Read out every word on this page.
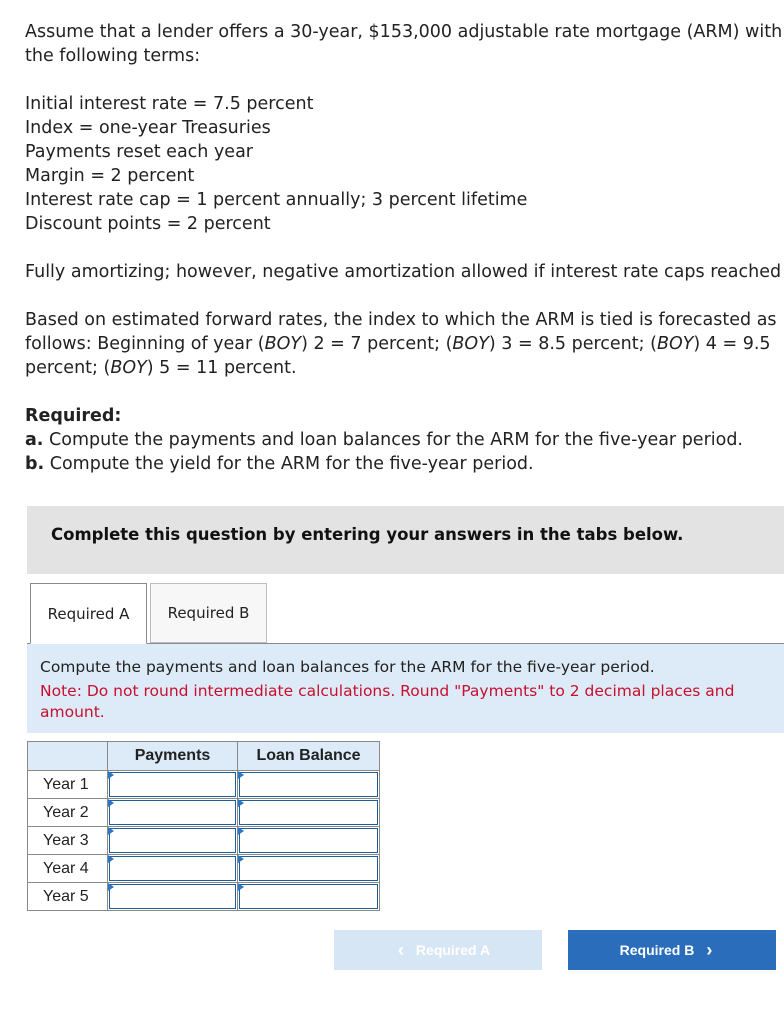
Assume that a lender offers a 30-year, $153,000 adjustable rate mortgage (ARM) with the following terms:

Initial interest rate = 7.5 percent

Index = one-year Treasuries

Payments reset each year

Margin = 2 percent

Interest rate cap = 1 percent annually; 3 percent lifetime

Discount points = 2 percent

Fully amortizing; however, negative amortization allowed if interest rate caps reached

Based on estimated forward rates, the index to which the ARM is tied is forecasted as follows: Beginning of year (BOY) 2 = 7 percent; (BOY) 3 = 8.5 percent; (BOY) 4 = 9.5 percent; (BOY) 5 = 11 percent.

Required:

a. Compute the payments and loan balances for the ARM for the five-year period.

b. Compute the yield for the ARM for the five-year period.

Complete this question by entering your answers in the tabs below.
Required A	Required B
Compute the payments and loan balances for the ARM for the five-year period.
Note: Do not round intermediate calculations. Round "Payments" to 2 decimal places and amount.
	Payments	Loan Balance
Year 1	

Year 2	

Year 3	

Year 4	

Year 5	

‹ Required A	Required B ›
